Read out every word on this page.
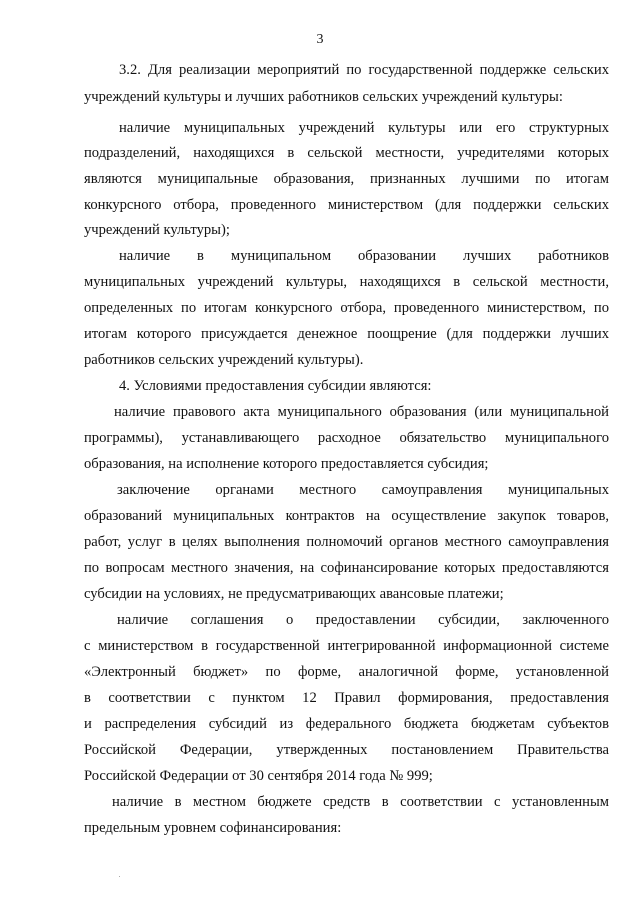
3
3.2. Для реализации мероприятий по государственной поддержке сельских
учреждений культуры и лучших работников сельских учреждений культуры:
наличие муниципальных учреждений культуры или его структурных
подразделений, находящихся в сельской местности, учредителями которых
являются муниципальные образования, признанных лучшими по итогам
конкурсного отбора, проведенного министерством (для поддержки сельских
учреждений культуры);
наличие в муниципальном образовании лучших работников
муниципальных учреждений культуры, находящихся в сельской местности,
определенных по итогам конкурсного отбора, проведенного министерством, по
итогам которого присуждается денежное поощрение (для поддержки лучших
работников сельских учреждений культуры).
4. Условиями предоставления субсидии являются:
наличие правового акта муниципального образования (или муниципальной
программы), устанавливающего расходное обязательство муниципального
образования, на исполнение которого предоставляется субсидия;
заключение органами местного самоуправления муниципальных
образований муниципальных контрактов на осуществление закупок товаров,
работ, услуг в целях выполнения полномочий органов местного самоуправления
по вопросам местного значения, на софинансирование которых предоставляются
субсидии на условиях, не предусматривающих авансовые платежи;
наличие соглашения о предоставлении субсидии, заключенного
с министерством в государственной интегрированной информационной системе
«Электронный бюджет» по форме, аналогичной форме, установленной
в соответствии с пунктом 12 Правил формирования, предоставления
и распределения субсидий из федерального бюджета бюджетам субъектов
Российской Федерации, утвержденных постановлением Правительства
Российской Федерации от 30 сентября 2014 года № 999;
наличие в местном бюджете средств в соответствии с установленным
предельным уровнем софинансирования:
